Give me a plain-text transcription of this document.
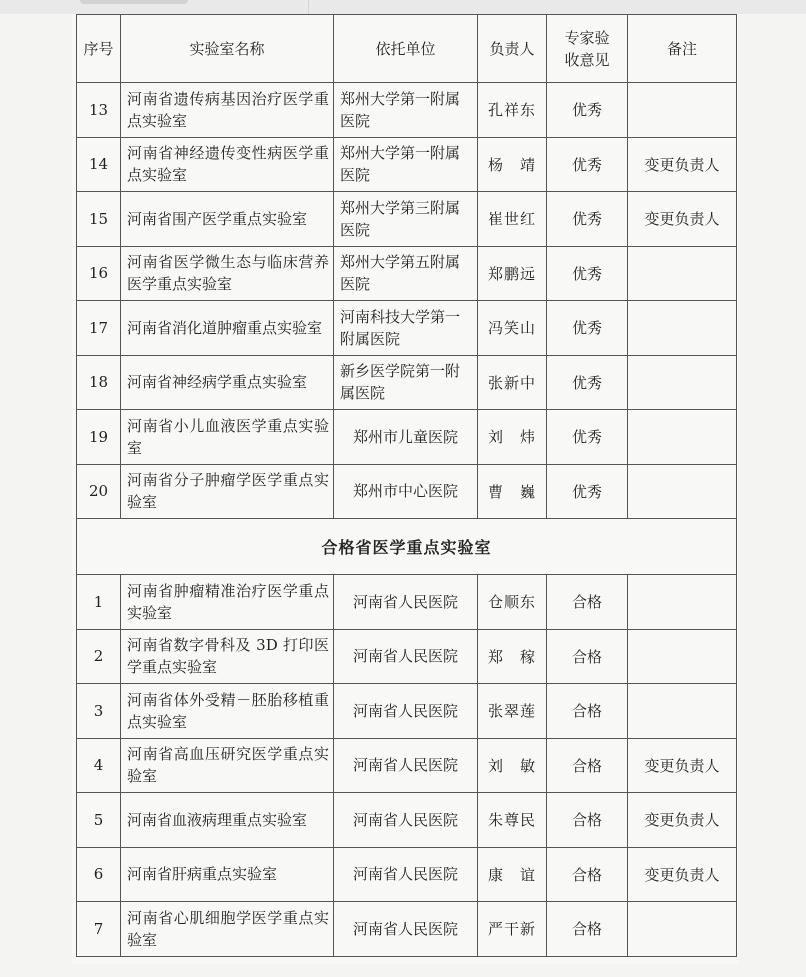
序号	实验室名称	依托单位	负责人	专家验收意见	备注
13	河南省遗传病基因治疗医学重点实验室	郑州大学第一附属医院	孔祥东	优秀	
14	河南省神经遗传变性病医学重点实验室	郑州大学第一附属医院	杨　靖	优秀	变更负责人
15	河南省围产医学重点实验室	郑州大学第三附属医院	崔世红	优秀	变更负责人
16	河南省医学微生态与临床营养医学重点实验室	郑州大学第五附属医院	郑鹏远	优秀	
17	河南省消化道肿瘤重点实验室	河南科技大学第一附属医院	冯笑山	优秀	
18	河南省神经病学重点实验室	新乡医学院第一附属医院	张新中	优秀	
19	河南省小儿血液医学重点实验室	郑州市儿童医院	刘　炜	优秀	
20	河南省分子肿瘤学医学重点实验室	郑州市中心医院	曹　巍	优秀	
合格省医学重点实验室					
1	河南省肿瘤精准治疗医学重点实验室	河南省人民医院	仓顺东	合格	
2	河南省数字骨科及 3D 打印医学重点实验室	河南省人民医院	郑　稼	合格	
3	河南省体外受精－胚胎移植重点实验室	河南省人民医院	张翠莲	合格	
4	河南省高血压研究医学重点实验室	河南省人民医院	刘　敏	合格	变更负责人
5	河南省血液病理重点实验室	河南省人民医院	朱尊民	合格	变更负责人
6	河南省肝病重点实验室	河南省人民医院	康　谊	合格	变更负责人
7	河南省心肌细胞学医学重点实验室	河南省人民医院	严干新	合格	
